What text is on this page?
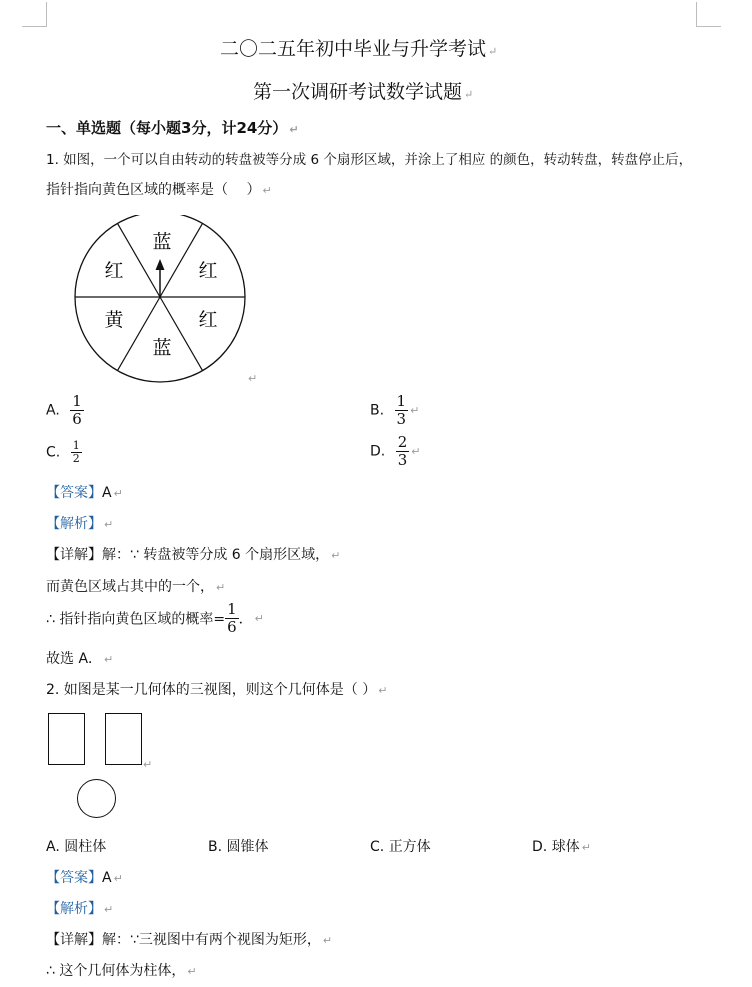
二〇二五年初中毕业与升学考试 ↵
第一次调研考试数学试题 ↵
一、单选题（每小题3分，计24分） ↵
1. 如图，一个可以自由转动的转盘被等分成 6 个扇形区域，并涂上了相应 的颜色，转动转盘，转盘停止后，
指针指向黄色区域的概率是（　 ） ↵
蓝
红
红
蓝
黄
红
↵
A. $\frac{1}{6}$	B. $\frac{1}{3}$ ↵
C. $\frac{1}{2}$	D. $\frac{2}{3}$ ↵
【答案】A ↵
【解析】 ↵
【详解】解：∵ 转盘被等分成 6 个扇形区域， ↵
而黄色区域占其中的一个， ↵
∴ 指针指向黄色区域的概率= $\frac{1}{6}$ ． ↵
故选 A． ↵
2. 如图是某一几何体的三视图，则这个几何体是（ ） ↵
↵
A. 圆柱体	B. 圆锥体	C. 正方体	D. 球体 ↵
【答案】A ↵
【解析】 ↵
【详解】解：∵三视图中有两个视图为矩形， ↵
∴ 这个几何体为柱体， ↵
